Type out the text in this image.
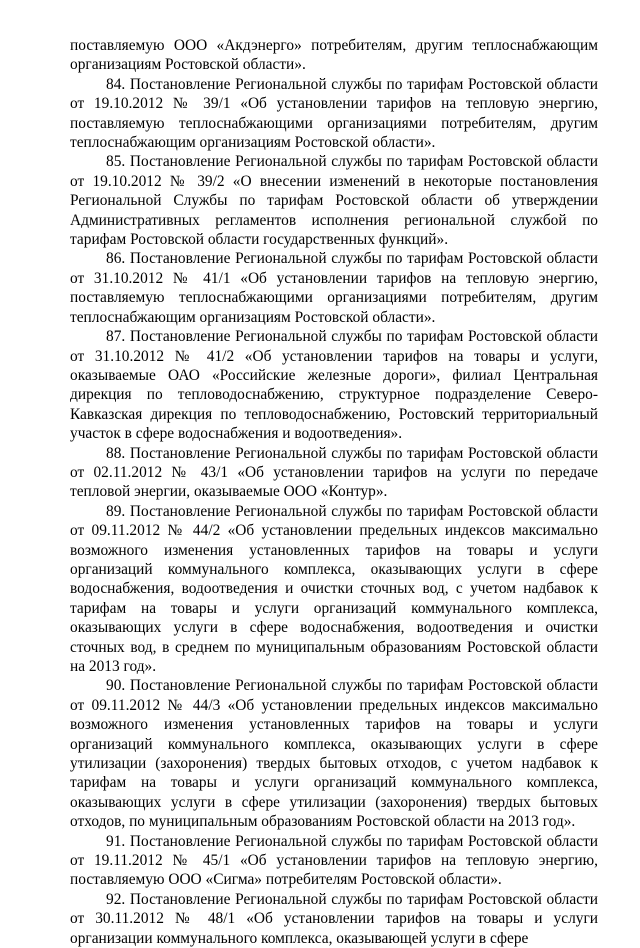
поставляемую ООО «Акдэнерго» потребителям, другим теплоснабжающим организациям Ростовской области».

84. Постановление Региональной службы по тарифам Ростовской области от 19.10.2012 № 39/1 «Об установлении тарифов на тепловую энергию, поставляемую теплоснабжающими организациями потребителям, другим теплоснабжающим организациям Ростовской области».

85. Постановление Региональной службы по тарифам Ростовской области от 19.10.2012 № 39/2 «О внесении изменений в некоторые постановления Региональной Службы по тарифам Ростовской области об утверждении Административных регламентов исполнения региональной службой по тарифам Ростовской области государственных функций».

86. Постановление Региональной службы по тарифам Ростовской области от 31.10.2012 № 41/1 «Об установлении тарифов на тепловую энергию, поставляемую теплоснабжающими организациями потребителям, другим теплоснабжающим организациям Ростовской области».

87. Постановление Региональной службы по тарифам Ростовской области от 31.10.2012 № 41/2 «Об установлении тарифов на товары и услуги, оказываемые ОАО «Российские железные дороги», филиал Центральная дирекция по тепловодоснабжению, структурное подразделение Северо-Кавказская дирекция по тепловодоснабжению, Ростовский территориальный участок в сфере водоснабжения и водоотведения».

88. Постановление Региональной службы по тарифам Ростовской области от 02.11.2012 № 43/1 «Об установлении тарифов на услуги по передаче тепловой энергии, оказываемые ООО «Контур».

89. Постановление Региональной службы по тарифам Ростовской области от 09.11.2012 № 44/2 «Об установлении предельных индексов максимально возможного изменения установленных тарифов на товары и услуги организаций коммунального комплекса, оказывающих услуги в сфере водоснабжения, водоотведения и очистки сточных вод, с учетом надбавок к тарифам на товары и услуги организаций коммунального комплекса, оказывающих услуги в сфере водоснабжения, водоотведения и очистки сточных вод, в среднем по муниципальным образованиям Ростовской области на 2013 год».

90. Постановление Региональной службы по тарифам Ростовской области от 09.11.2012 № 44/3 «Об установлении предельных индексов максимально возможного изменения установленных тарифов на товары и услуги организаций коммунального комплекса, оказывающих услуги в сфере утилизации (захоронения) твердых бытовых отходов, с учетом надбавок к тарифам на товары и услуги организаций коммунального комплекса, оказывающих услуги в сфере утилизации (захоронения) твердых бытовых отходов, по муниципальным образованиям Ростовской области на 2013 год».

91. Постановление Региональной службы по тарифам Ростовской области от 19.11.2012 № 45/1 «Об установлении тарифов на тепловую энергию, поставляемую ООО «Сигма» потребителям Ростовской области».

92. Постановление Региональной службы по тарифам Ростовской области от 30.11.2012 № 48/1 «Об установлении тарифов на товары и услуги организации коммунального комплекса, оказывающей услуги в сфере
